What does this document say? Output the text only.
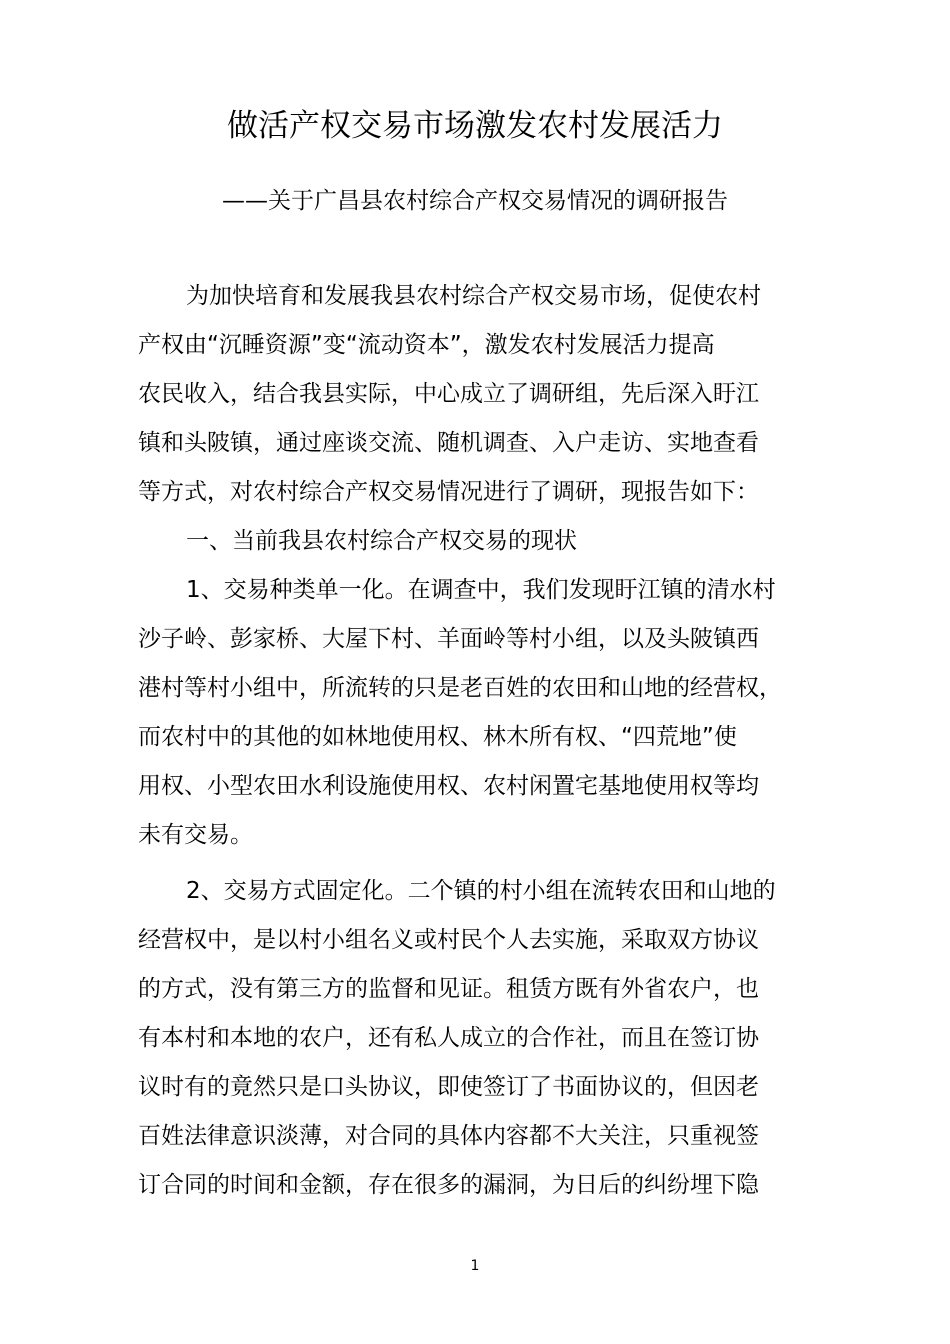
做活产权交易市场激发农村发展活力
——关于广昌县农村综合产权交易情况的调研报告
为加快培育和发展我县农村综合产权交易市场，促使农村
产权由“沉睡资源”变“流动资本”，激发农村发展活力提高
农民收入，结合我县实际，中心成立了调研组，先后深入盱江
镇和头陂镇，通过座谈交流、随机调查、入户走访、实地查看
等方式，对农村综合产权交易情况进行了调研，现报告如下：
一、当前我县农村综合产权交易的现状
1、交易种类单一化。在调查中，我们发现盱江镇的清水村
沙子岭、彭家桥、大屋下村、羊面岭等村小组，以及头陂镇西
港村等村小组中，所流转的只是老百姓的农田和山地的经营权，
而农村中的其他的如林地使用权、林木所有权、“四荒地”使
用权、小型农田水利设施使用权、农村闲置宅基地使用权等均
未有交易。
2、交易方式固定化。二个镇的村小组在流转农田和山地的
经营权中，是以村小组名义或村民个人去实施，采取双方协议
的方式，没有第三方的监督和见证。租赁方既有外省农户，也
有本村和本地的农户，还有私人成立的合作社，而且在签订协
议时有的竟然只是口头协议，即使签订了书面协议的，但因老
百姓法律意识淡薄，对合同的具体内容都不大关注，只重视签
订合同的时间和金额，存在很多的漏洞，为日后的纠纷埋下隐
1
